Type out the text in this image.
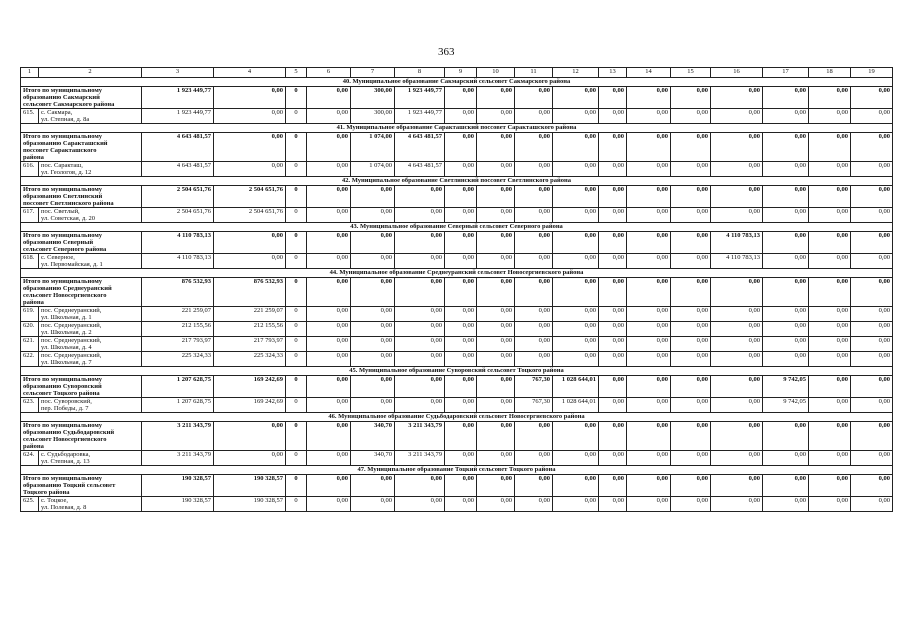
363
1	2	3	4	5	6	7	8	9	10	11	12	13	14	15	16	17	18	19
40. Муниципальное образование Сакмарский сельсовет Сакмарского района																		
Итого по муниципальному
образованию Сакмарский
сельсовет Сакмарского района		1 923 449,77	0,00	0	0,00	300,00	1 923 449,77	0,00	0,00	0,00	0,00	0,00	0,00	0,00	0,00	0,00	0,00	0,00
615.	с. Сакмара,
ул. Степная, д. 8а	1 923 449,77	0,00	0	0,00	300,00	1 923 449,77	0,00	0,00	0,00	0,00	0,00	0,00	0,00	0,00	0,00	0,00	0,00
41. Муниципальное образование Саракташский поссовет Саракташского района																		
Итого по муниципальному
образованию Саракташский
поссовет Саракташского
района		4 643 481,57	0,00	0	0,00	1 074,00	4 643 481,57	0,00	0,00	0,00	0,00	0,00	0,00	0,00	0,00	0,00	0,00	0,00
616.	пос. Саракташ,
ул. Геологов, д. 12	4 643 481,57	0,00	0	0,00	1 074,00	4 643 481,57	0,00	0,00	0,00	0,00	0,00	0,00	0,00	0,00	0,00	0,00	0,00
42. Муниципальное образование Светлинский поссовет Светлинского района																		
Итого по муниципальному
образованию Светлинский
поссовет Светлинского района		2 504 651,76	2 504 651,76	0	0,00	0,00	0,00	0,00	0,00	0,00	0,00	0,00	0,00	0,00	0,00	0,00	0,00	0,00
617.	пос. Светлый,
ул. Советская, д. 20	2 504 651,76	2 504 651,76	0	0,00	0,00	0,00	0,00	0,00	0,00	0,00	0,00	0,00	0,00	0,00	0,00	0,00	0,00
43. Муниципальное образование Северный сельсовет Северного района																		
Итого по муниципальному
образованию Северный
сельсовет Северного района		4 110 783,13	0,00	0	0,00	0,00	0,00	0,00	0,00	0,00	0,00	0,00	0,00	0,00	4 110 783,13	0,00	0,00	0,00
618.	с. Северное,
ул. Первомайская, д. 1	4 110 783,13	0,00	0	0,00	0,00	0,00	0,00	0,00	0,00	0,00	0,00	0,00	0,00	4 110 783,13	0,00	0,00	0,00
44. Муниципальное образование Среднеуранский сельсовет Новосергиевского района																		
Итого по муниципальному
образованию Среднеуранский
сельсовет Новосергиевского
района		876 532,93	876 532,93	0	0,00	0,00	0,00	0,00	0,00	0,00	0,00	0,00	0,00	0,00	0,00	0,00	0,00	0,00
619.	пос. Среднеуранский,
ул. Школьная, д. 1	221 259,07	221 259,07	0	0,00	0,00	0,00	0,00	0,00	0,00	0,00	0,00	0,00	0,00	0,00	0,00	0,00	0,00
620.	пос. Среднеуранский,
ул. Школьная, д. 2	212 155,56	212 155,56	0	0,00	0,00	0,00	0,00	0,00	0,00	0,00	0,00	0,00	0,00	0,00	0,00	0,00	0,00
621.	пос. Среднеуранский,
ул. Школьная, д. 4	217 793,97	217 793,97	0	0,00	0,00	0,00	0,00	0,00	0,00	0,00	0,00	0,00	0,00	0,00	0,00	0,00	0,00
622.	пос. Среднеуранский,
ул. Школьная, д. 7	225 324,33	225 324,33	0	0,00	0,00	0,00	0,00	0,00	0,00	0,00	0,00	0,00	0,00	0,00	0,00	0,00	0,00
45. Муниципальное образование Суворовский сельсовет Тоцкого района																		
Итого по муниципальному
образованию Суворовский
сельсовет Тоцкого района		1 207 628,75	169 242,69	0	0,00	0,00	0,00	0,00	0,00	767,30	1 028 644,01	0,00	0,00	0,00	0,00	9 742,05	0,00	0,00
623.	пос. Суворовский,
пер. Победы, д. 7	1 207 628,75	169 242,69	0	0,00	0,00	0,00	0,00	0,00	767,30	1 028 644,01	0,00	0,00	0,00	0,00	9 742,05	0,00	0,00
46. Муниципальное образование Судьбодаровский сельсовет Новосергиевского района																		
Итого по муниципальному
образованию Судьбодаровский
сельсовет Новосергиевского
района		3 211 343,79	0,00	0	0,00	340,70	3 211 343,79	0,00	0,00	0,00	0,00	0,00	0,00	0,00	0,00	0,00	0,00	0,00
624.	с. Судьбодаровка,
ул. Степная, д. 13	3 211 343,79	0,00	0	0,00	340,70	3 211 343,79	0,00	0,00	0,00	0,00	0,00	0,00	0,00	0,00	0,00	0,00	0,00
47. Муниципальное образование Тоцкий сельсовет Тоцкого района																		
Итого по муниципальному
образованию Тоцкий сельсовет
Тоцкого района		190 328,57	190 328,57	0	0,00	0,00	0,00	0,00	0,00	0,00	0,00	0,00	0,00	0,00	0,00	0,00	0,00	0,00
625.	с. Тоцкое,
ул. Полевая, д. 8	190 328,57	190 328,57	0	0,00	0,00	0,00	0,00	0,00	0,00	0,00	0,00	0,00	0,00	0,00	0,00	0,00	0,00
